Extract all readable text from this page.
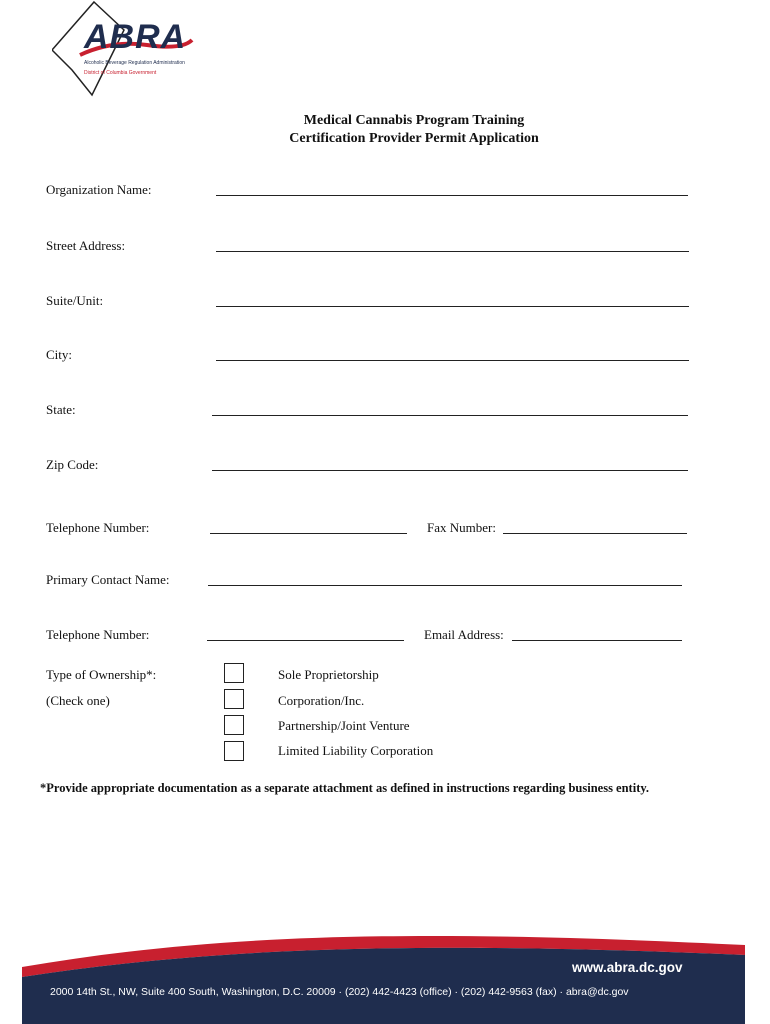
ABRA
Alcoholic Beverage Regulation Administration
District of Columbia Government
Medical Cannabis Program Training
Certification Provider Permit Application
Organization Name:
Street Address:
Suite/Unit:
City:
State:
Zip Code:
Telephone Number:	Fax Number:
Primary Contact Name:
Telephone Number:	Email Address:
Type of Ownership*:
(Check one)
Sole Proprietorship
Corporation/Inc.
Partnership/Joint Venture
Limited Liability Corporation
*Provide appropriate documentation as a separate attachment as defined in instructions regarding business entity.
www.abra.dc.gov
2000 14th St., NW, Suite 400 South, Washington, D.C. 20009 · (202) 442-4423 (office) · (202) 442-9563 (fax) · abra@dc.gov
